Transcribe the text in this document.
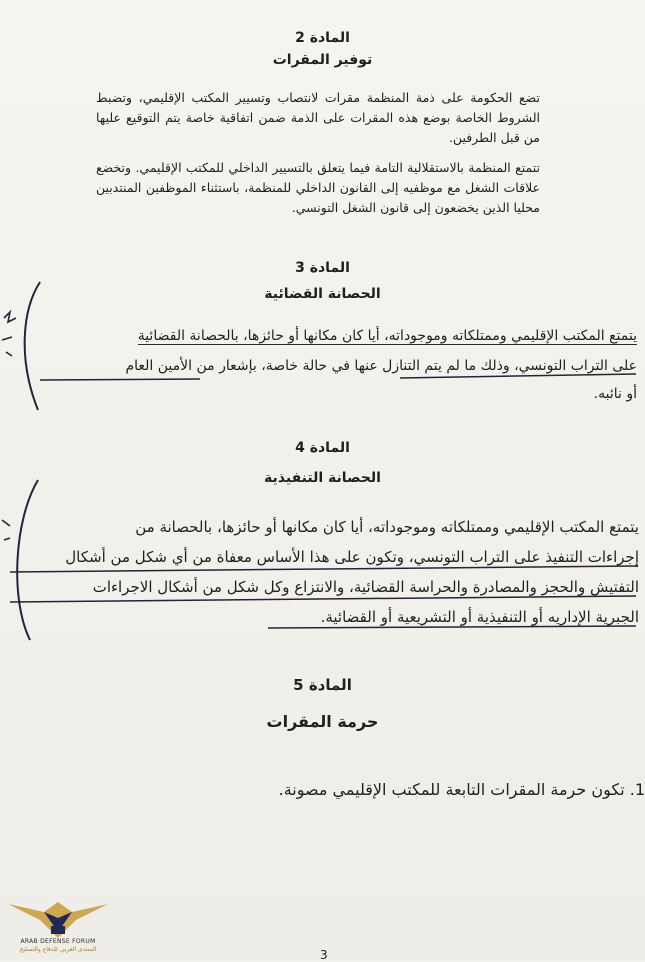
المادة 2
توفير المقرات
تضع الحكومة على ذمة المنظمة مقرات لانتصاب وتسيير المكتب الإقليمي، وتضبط الشروط الخاصة بوضع هذه المقرات على الذمة ضمن اتفاقية خاصة يتم التوقيع عليها من قبل الطرفين.
تتمتع المنظمة بالاستقلالية التامة فيما يتعلق بالتسيير الداخلي للمكتب الإقليمي. وتخضع علاقات الشغل مع موظفيه إلى القانون الداخلي للمنظمة، باستثناء الموظفين المنتدبين محليا الذين يخضعون إلى قانون الشغل التونسي.
المادة 3
الحصانة القضائية
يتمتع المكتب الإقليمي وممتلكاته وموجوداته، أيا كان مكانها أو حائزها، بالحصانة القضائية
على التراب التونسي، وذلك ما لم يتم التنازل عنها في حالة خاصة، بإشعار من الأمين العام
أو نائبه.
المادة 4
الحصانة التنفيذية
يتمتع المكتب الإقليمي وممتلكاته وموجوداته، أيا كان مكانها أو حائزها، بالحصانة من
إجراءات التنفيذ على التراب التونسي، وتكون على هذا الأساس معفاة من أي شكل من أشكال
التفتيش والحجز والمصادرة والحراسة القضائية، والانتزاع وكل شكل من أشكال الاجراءات
الجبرية الإداريه أو التنفيذية أو التشريعية أو القضائية.
المادة 5
حرمة المقرات
1. تكون حرمة المقرات التابعة للمكتب الإقليمي مصونة.
ARAB DEFENSE FORUM
المنتدى العربي للدفاع والتسليح	3
